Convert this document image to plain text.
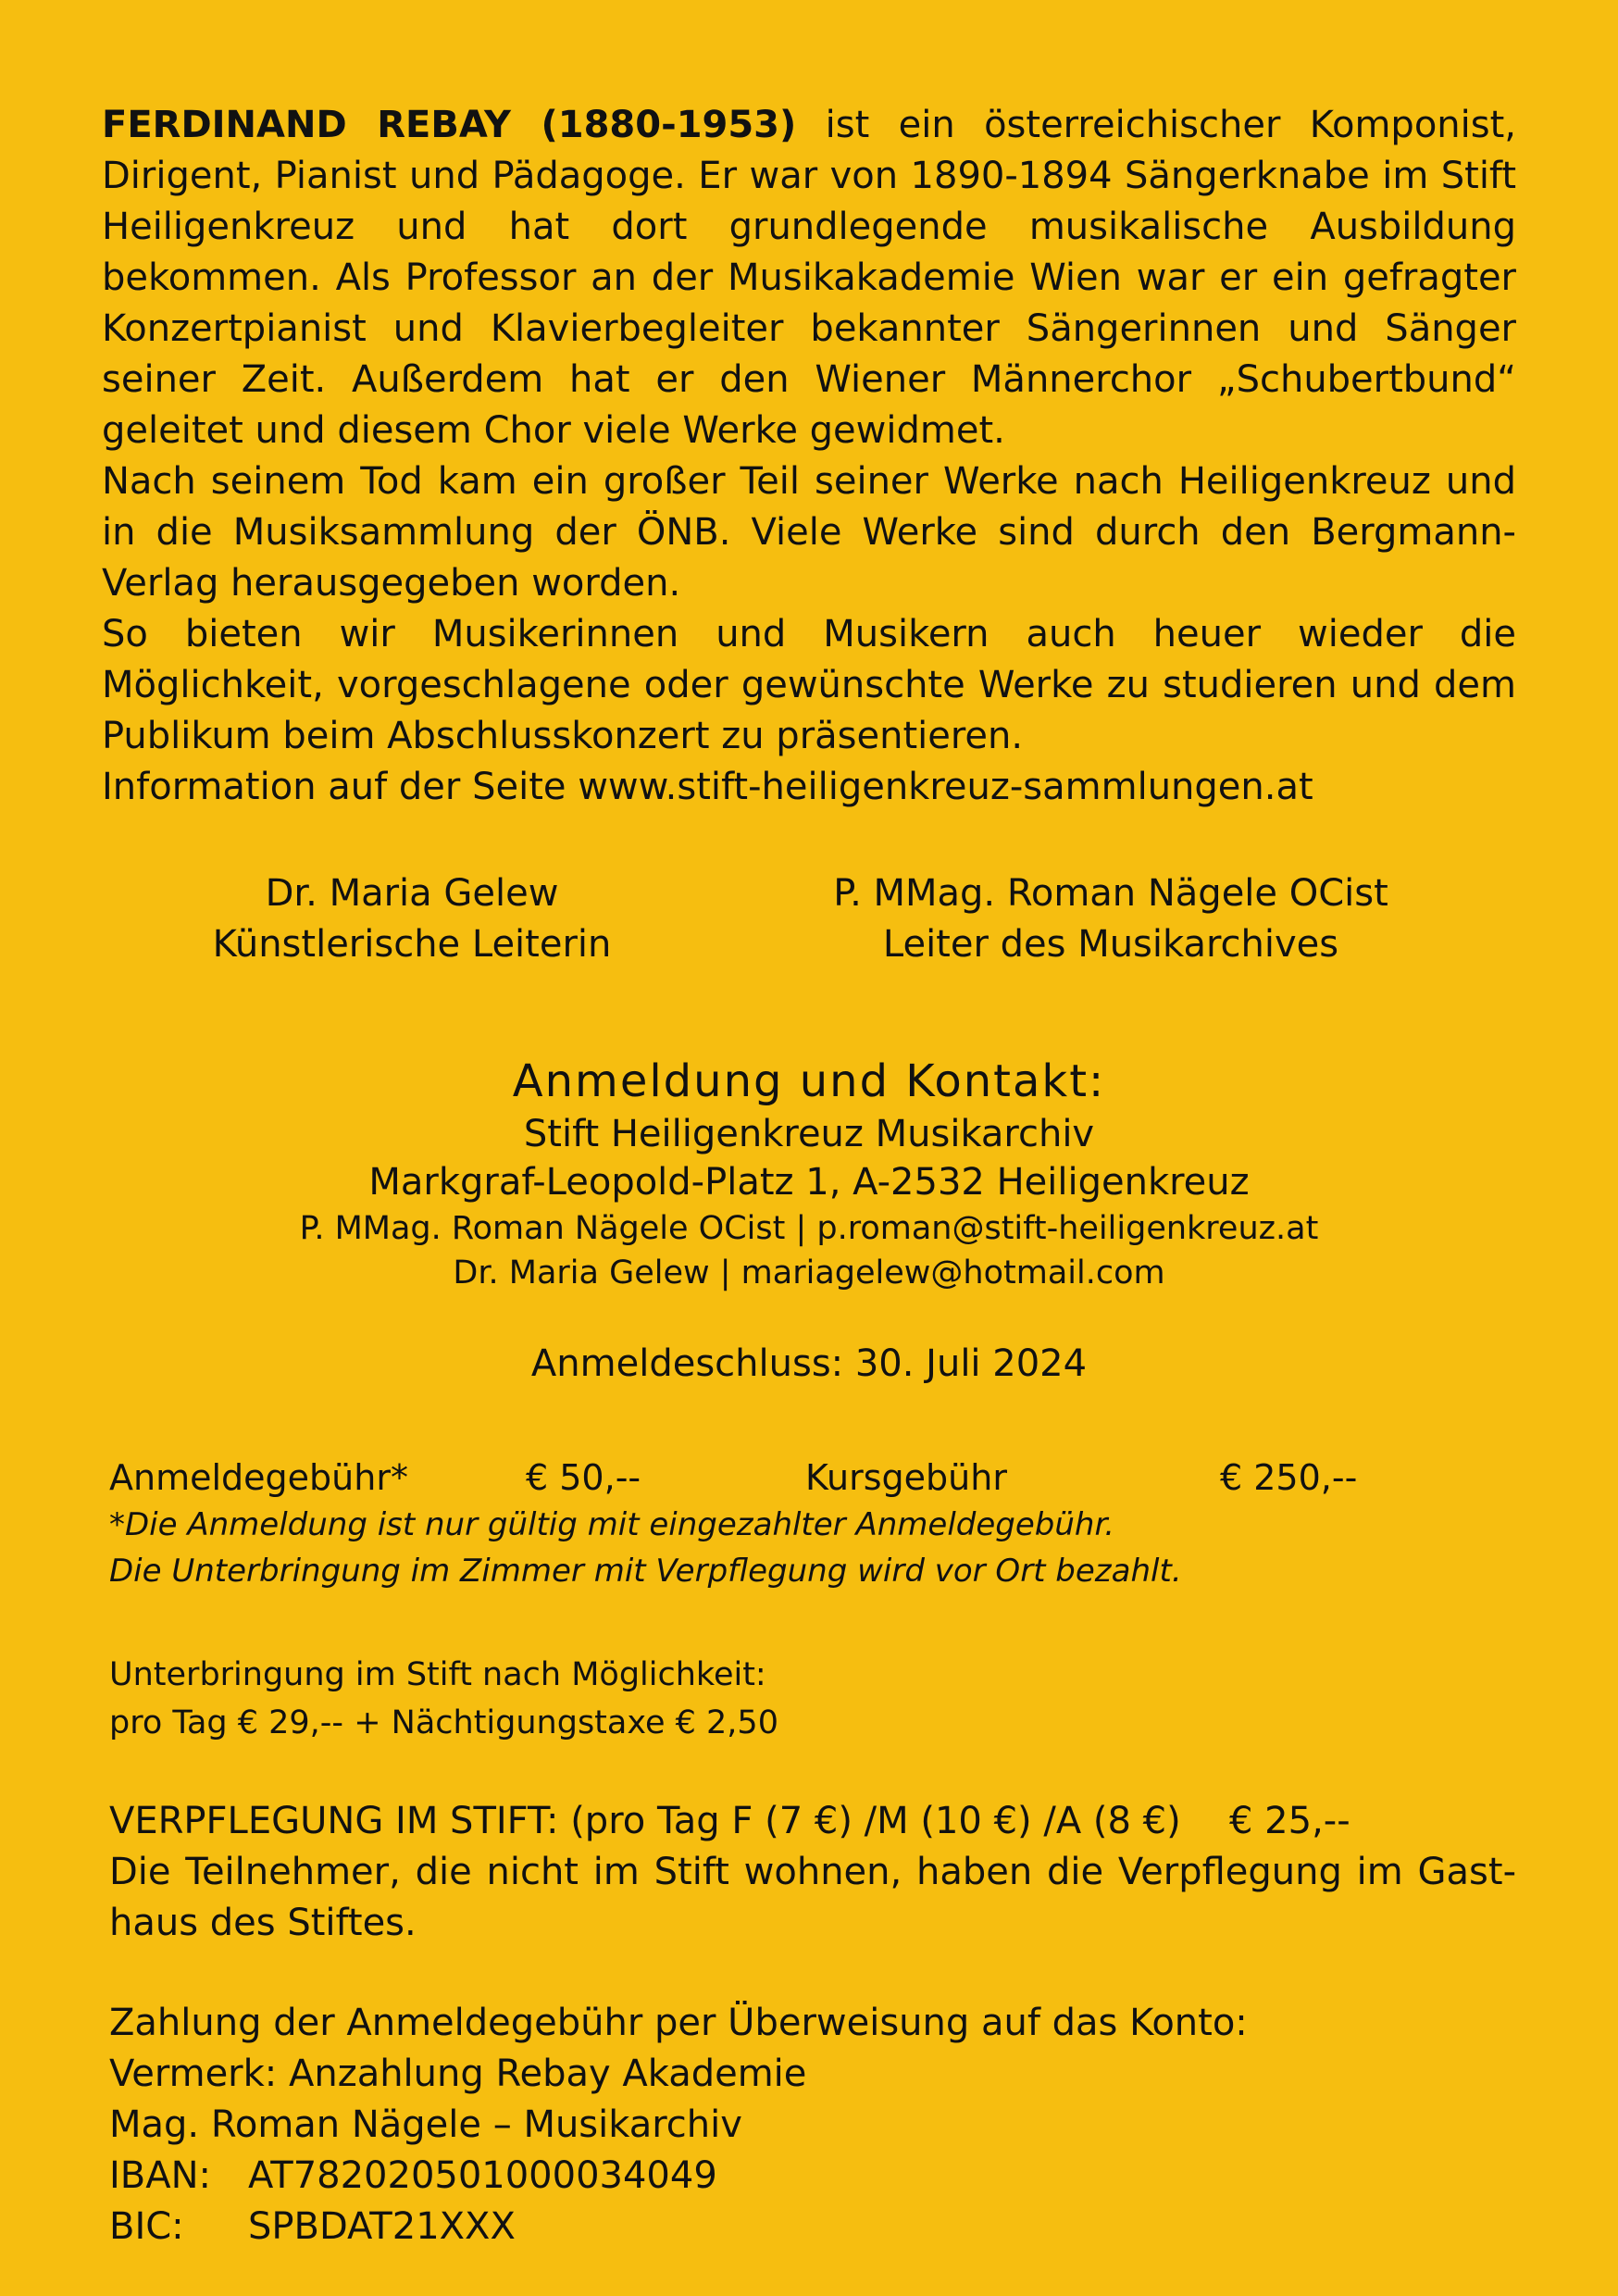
FERDINAND REBAY (1880-1953) ist ein österreichischer Komponist, Dirigent, Pianist und Pädagoge. Er war von 1890-1894 Sängerknabe im Stift Heiligenkreuz und hat dort grundlegende musikalische Ausbildung bekommen. Als Professor an der Musikakademie Wien war er ein gefragter Konzertpianist und Klavierbegleiter bekannter Sängerinnen und Sänger seiner Zeit. Außerdem hat er den Wiener Männerchor „Schubertbund“ geleitet und diesem Chor viele Werke gewidmet.

Nach seinem Tod kam ein großer Teil seiner Werke nach Heiligenkreuz und in die Musiksammlung der ÖNB. Viele Werke sind durch den Bergmann-Verlag herausgegeben worden.

So bieten wir Musikerinnen und Musikern auch heuer wieder die Möglichkeit, vorgeschlagene oder gewünschte Werke zu studieren und dem Publikum beim Abschlusskonzert zu präsentieren.

Information auf der Seite www.stift-heiligenkreuz-sammlungen.at

Dr. Maria Gelew
Künstlerische Leiterin
P. MMag. Roman Nägele OCist
Leiter des Musikarchives
Anmeldung und Kontakt:
Stift Heiligenkreuz Musikarchiv
Markgraf-Leopold-Platz 1, A-2532 Heiligenkreuz
P. MMag. Roman Nägele OCist | p.roman@stift-heiligenkreuz.at
Dr. Maria Gelew | mariagelew@hotmail.com
Anmeldeschluss: 30. Juli 2024
Anmeldegebühr*	€ 50,--	Kursgebühr	€ 250,--
*Die Anmeldung ist nur gültig mit eingezahlter Anmeldegebühr.
Die Unterbringung im Zimmer mit Verpflegung wird vor Ort bezahlt.
Unterbringung im Stift nach Möglichkeit:
pro Tag € 29,-- + Nächtigungstaxe € 2,50
VERPFLEGUNG IM STIFT: (pro Tag F (7 €) /M (10 €) /A (8 €) € 25,--
Die Teilnehmer, die nicht im Stift wohnen, haben die Verpflegung im Gasthaus des Stiftes.
Zahlung der Anmeldegebühr per Überweisung auf das Konto:
Vermerk: Anzahlung Rebay Akademie
Mag. Roman Nägele – Musikarchiv
IBAN: AT782020501000034049
BIC: SPBDAT21XXX
